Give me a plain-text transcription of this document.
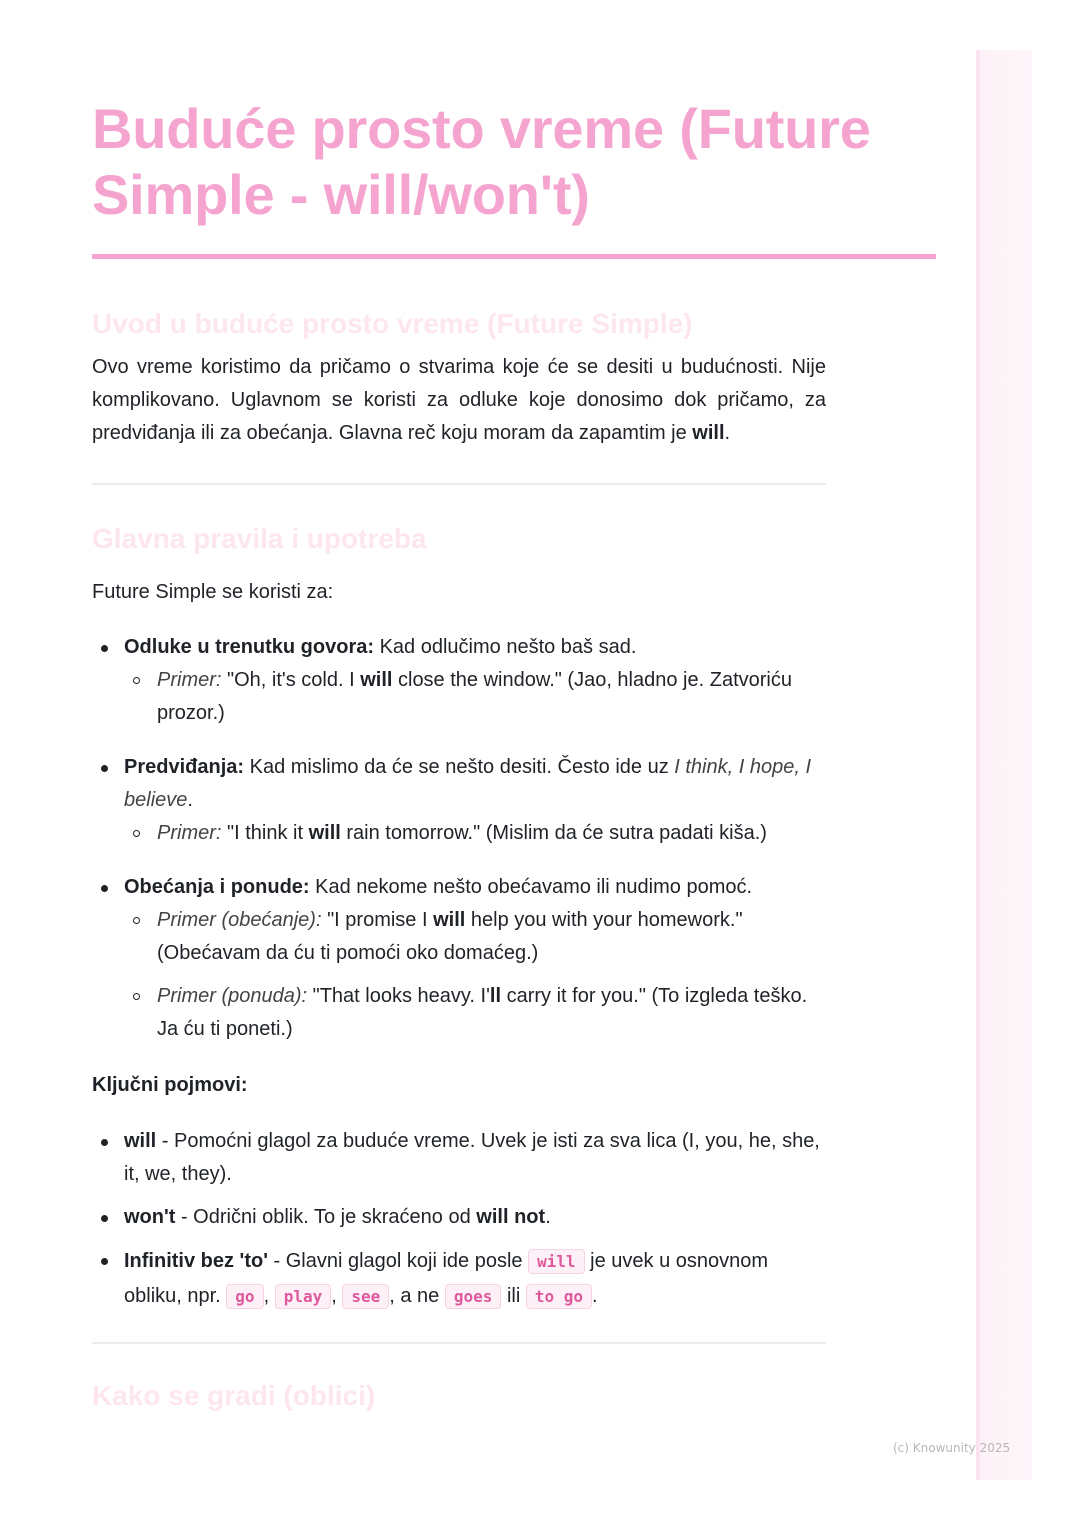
Buduće prosto vreme (Future Simple - will/won't)
Uvod u buduće prosto vreme (Future Simple)

Ovo vreme koristimo da pričamo o stvarima koje će se desiti u budućnosti. Nije komplikovano. Uglavnom se koristi za odluke koje donosimo dok pričamo, za predviđanja ili za obećanja. Glavna reč koju moram da zapamtim je will.

Glavna pravila i upotreba

Future Simple se koristi za:

Odluke u trenutku govora: Kad odlučimo nešto baš sad.
Primer: "Oh, it's cold. I will close the window." (Jao, hladno je. Zatvoriću prozor.)
Predviđanja: Kad mislimo da će se nešto desiti. Često ide uz I think, I hope, I believe.
Primer: "I think it will rain tomorrow." (Mislim da će sutra padati kiša.)
Obećanja i ponude: Kad nekome nešto obećavamo ili nudimo pomoć.
Primer (obećanje): "I promise I will help you with your homework." (Obećavam da ću ti pomoći oko domaćeg.)
Primer (ponuda): "That looks heavy. I'll carry it for you." (To izgleda teško. Ja ću ti poneti.)

Ključni pojmovi:

will - Pomoćni glagol za buduće vreme. Uvek je isti za sva lica (I, you, he, she, it, we, they).
won't - Odrični oblik. To je skraćeno od will not.
Infinitiv bez 'to' - Glavni glagol koji ide posle will je uvek u osnovnom obliku, npr. go , play , see , a ne goes ili to go .
Kako se gradi (oblici)
(c) Knowunity 2025
